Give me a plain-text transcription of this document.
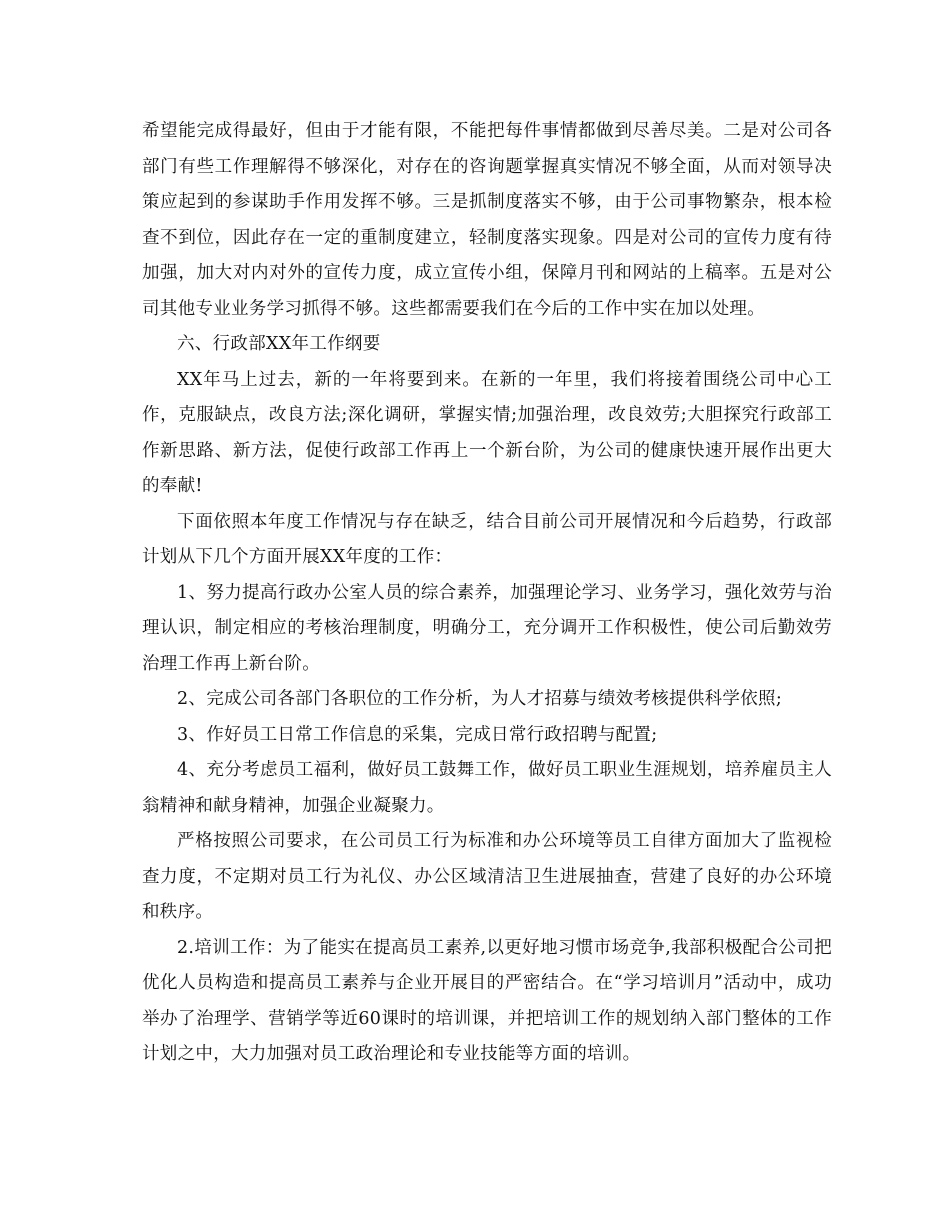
希望能完成得最好，但由于才能有限，不能把每件事情都做到尽善尽美。二是对公司各部门有些工作理解得不够深化，对存在的咨询题掌握真实情况不够全面，从而对领导决策应起到的参谋助手作用发挥不够。三是抓制度落实不够，由于公司事物繁杂，根本检查不到位，因此存在一定的重制度建立，轻制度落实现象。四是对公司的宣传力度有待加强，加大对内对外的宣传力度，成立宣传小组，保障月刊和网站的上稿率。五是对公司其他专业业务学习抓得不够。这些都需要我们在今后的工作中实在加以处理。

六、行政部XX年工作纲要

XX年马上过去，新的一年将要到来。在新的一年里，我们将接着围绕公司中心工作，克服缺点，改良方法;深化调研，掌握实情;加强治理，改良效劳;大胆探究行政部工作新思路、新方法，促使行政部工作再上一个新台阶，为公司的健康快速开展作出更大的奉献!

下面依照本年度工作情况与存在缺乏，结合目前公司开展情况和今后趋势，行政部计划从下几个方面开展XX年度的工作：

1、努力提高行政办公室人员的综合素养，加强理论学习、业务学习，强化效劳与治理认识，制定相应的考核治理制度，明确分工，充分调开工作积极性，使公司后勤效劳治理工作再上新台阶。

2、完成公司各部门各职位的工作分析，为人才招募与绩效考核提供科学依照;

3、作好员工日常工作信息的采集，完成日常行政招聘与配置;

4、充分考虑员工福利，做好员工鼓舞工作，做好员工职业生涯规划，培养雇员主人翁精神和献身精神，加强企业凝聚力。

严格按照公司要求，在公司员工行为标准和办公环境等员工自律方面加大了监视检查力度，不定期对员工行为礼仪、办公区域清洁卫生进展抽查，营建了良好的办公环境和秩序。

2.培训工作：为了能实在提高员工素养,以更好地习惯市场竞争,我部积极配合公司把优化人员构造和提高员工素养与企业开展目的严密结合。在“学习培训月”活动中，成功举办了治理学、营销学等近60课时的培训课，并把培训工作的规划纳入部门整体的工作计划之中，大力加强对员工政治理论和专业技能等方面的培训。
